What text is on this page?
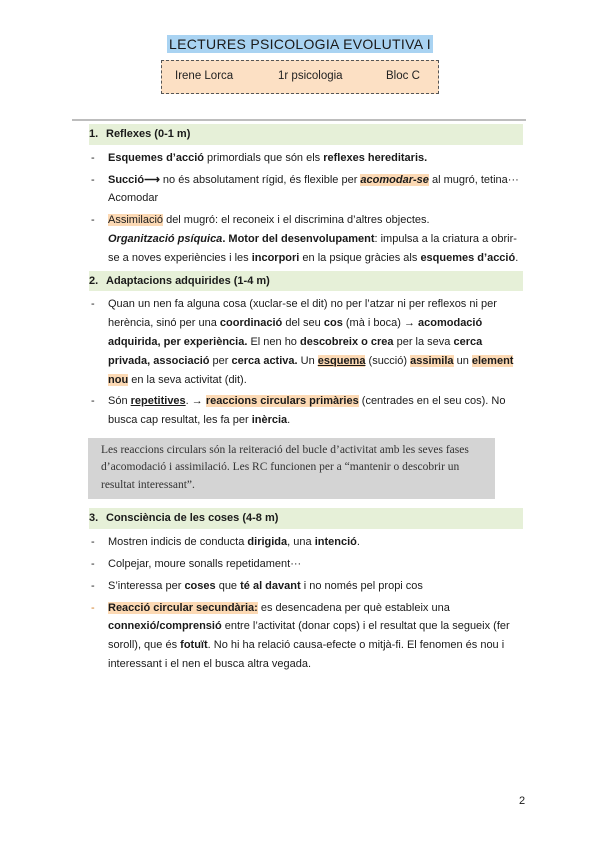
LECTURES PSICOLOGIA EVOLUTIVA I
Irene Lorca	1r psicologia	Bloc C
1. Reflexes (0-1 m)
- Esquemes d’acció primordials que són els reflexes hereditaris.
- Succió⟶ no és absolutament rígid, és flexible per acomodar-se al mugró, tetina··· Acomodar
- Assimilació del mugró: el reconeix i el discrimina d’altres objectes.
Organització psíquica. Motor del desenvolupament: impulsa a la criatura a obrir-se a noves experiències i les incorpori en la psique gràcies als esquemes d’acció.
2. Adaptacions adquirides (1-4 m)
- Quan un nen fa alguna cosa (xuclar-se el dit) no per l’atzar ni per reflexos ni per herència, sinó per una coordinació del seu cos (mà i boca) → acomodació adquirida, per experiència. El nen ho descobreix o crea per la seva cerca privada, associació per cerca activa. Un esquema (succió) assimila un element nou en la seva activitat (dit).
- Són repetitives. → reaccions circulars primàries (centrades en el seu cos). No busca cap resultat, les fa per inèrcia.
Les reaccions circulars són la reiteració del bucle d’activitat amb les seves fases d’acomodació i assimilació. Les RC funcionen per a “mantenir o descobrir un resultat interessant”.
3. Consciència de les coses (4-8 m)
- Mostren indicis de conducta dirigida, una intenció.
- Colpejar, moure sonalls repetidament···
- S’interessa per coses que té al davant i no només pel propi cos
- Reacció circular secundària: es desencadena per què estableix una connexió/comprensió entre l’activitat (donar cops) i el resultat que la segueix (fer soroll), que és fotuït. No hi ha relació causa-efecte o mitjà-fi. El fenomen és nou i interessant i el nen el busca altra vegada.
2
